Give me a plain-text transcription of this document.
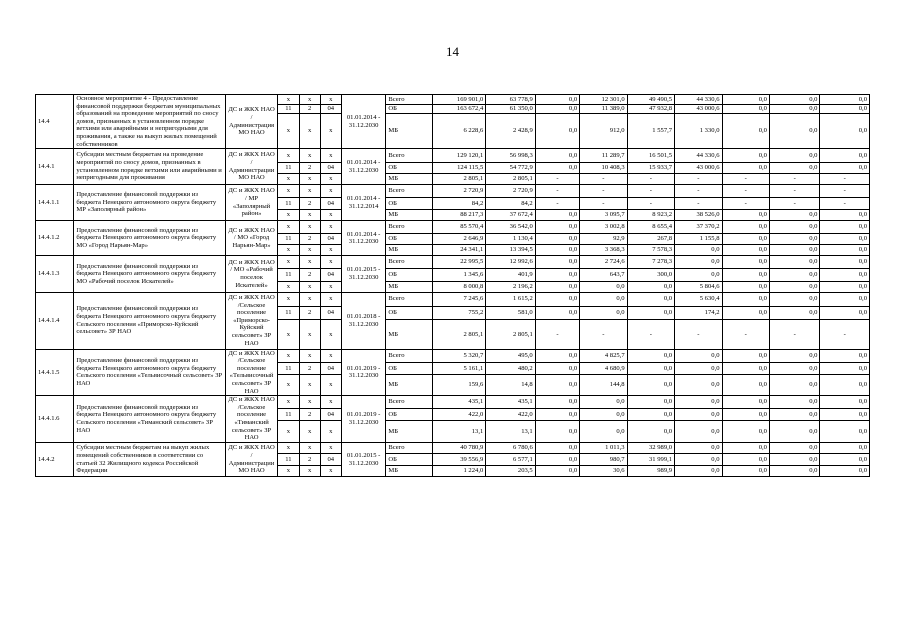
14
14.4	Основное мероприятие 4 - Предоставление финансовой поддержки бюджетам муниципальных образований на проведение мероприятий по сносу домов, признанных в установленном порядке ветхими или аварийными и непригодными для проживания, а также на выкуп жилых помещений собственников	ДС и ЖКХ НАО / Администрация МО НАО	x	x	x	01.01.2014 - 31.12.2030	Всего	169 901,0	63 778,9	0,0	12 301,0	49 490,5	44 330,6	0,0	0,0	0,0
			11	2	04		ОБ	163 672,4	61 350,0	0,0	11 389,0	47 932,8	43 000,6	0,0	0,0	0,0
			x	x	x		МБ	6 228,6	2 428,9	0,0	912,0	1 557,7	1 330,0	0,0	0,0	0,0
14.4.1	Субсидии местным бюджетам на проведение мероприятий по сносу домов, признанных в установленном порядке ветхими или аварийными и непригодными для проживания	ДС и ЖКХ НАО / Администрации МО НАО	x	x	x	01.01.2014 - 31.12.2030	Всего	129 120,1	56 998,3	0,0	11 289,7	16 501,5	44 330,6	0,0	0,0	0,0
			11	2	04		ОБ	124 115,5	54 772,9	0,0	10 408,3	15 933,7	43 000,6	0,0	0,0	0,0
			x	x	x		МБ	2 805,1	2 805,1	-	-	-	-	-	-	-
14.4.1.1	Предоставление финансовой поддержки из бюджета Ненецкого автономного округа бюджету МР «Заполярный район»	ДС и ЖКХ НАО / МР «Заполярный район»	x	x	x	01.01.2014 - 31.12.2014	Всего	2 720,9	2 720,9	-	-	-	-	-	-	-
			11	2	04		ОБ	84,2	84,2	-	-	-	-	-	-	-
			x	x	x		МБ	88 217,3	37 672,4	0,0	3 095,7	8 923,2	38 526,0	0,0	0,0	0,0
14.4.1.2	Предоставление финансовой поддержки из бюджета Ненецкого автономного округа бюджету МО «Город Нарьян-Мар»	ДС и ЖКХ НАО / МО «Город Нарьян-Мар»	x	x	x	01.01.2014 - 31.12.2030	Всего	85 570,4	36 542,0	0,0	3 002,8	8 655,4	37 370,2	0,0	0,0	0,0
			11	2	04		ОБ	2 646,9	1 130,4	0,0	92,9	267,8	1 155,8	0,0	0,0	0,0
			x	x	x		МБ	24 341,1	13 394,5	0,0	3 368,3	7 578,3	0,0	0,0	0,0	0,0
14.4.1.3	Предоставление финансовой поддержки из бюджета Ненецкого автономного округа бюджету МО «Рабочий поселок Искателей»	ДС и ЖКХ НАО / МО «Рабочий поселок Искателей»	x	x	x	01.01.2015 - 31.12.2030	Всего	22 995,5	12 992,6	0,0	2 724,6	7 278,3	0,0	0,0	0,0	0,0
			11	2	04		ОБ	1 345,6	401,9	0,0	643,7	300,0	0,0	0,0	0,0	0,0
			x	x	x		МБ	8 000,8	2 196,2	0,0	0,0	0,0	5 804,6	0,0	0,0	0,0
14.4.1.4	Предоставление финансовой поддержки из бюджета Ненецкого автономного округа бюджету Сельского поселения «Приморско-Куйский сельсовет» ЗР НАО	ДС и ЖКХ НАО /Сельское поселение «Приморско-Куйский сельсовет» ЗР НАО	x	x	x	01.01.2018 - 31.12.2030	Всего	7 245,6	1 615,2	0,0	0,0	0,0	5 630,4	0,0	0,0	0,0
			11	2	04		ОБ	755,2	581,0	0,0	0,0	0,0	174,2	0,0	0,0	0,0
			x	x	x		МБ	2 805,1	2 805,1	-	-	-	-	-	-	-
14.4.1.5	Предоставление финансовой поддержки из бюджета Ненецкого автономного округа бюджету Сельского поселения «Тельвисочный сельсовет» ЗР НАО	ДС и ЖКХ НАО /Сельское поселение «Тельвисочный сельсовет» ЗР НАО	x	x	x	01.01.2019 - 31.12.2030	Всего	5 320,7	495,0	0,0	4 825,7	0,0	0,0	0,0	0,0	0,0
			11	2	04		ОБ	5 161,1	480,2	0,0	4 680,9	0,0	0,0	0,0	0,0	0,0
			x	x	x		МБ	159,6	14,8	0,0	144,8	0,0	0,0	0,0	0,0	0,0
14.4.1.6	Предоставление финансовой поддержки из бюджета Ненецкого автономного округа бюджету Сельского поселения «Тиманский сельсовет» ЗР НАО	ДС и ЖКХ НАО /Сельское поселение «Тиманский сельсовет» ЗР НАО	x	x	x	01.01.2019 - 31.12.2030	Всего	435,1	435,1	0,0	0,0	0,0	0,0	0,0	0,0	0,0
			11	2	04		ОБ	422,0	422,0	0,0	0,0	0,0	0,0	0,0	0,0	0,0
			x	x	x		МБ	13,1	13,1	0,0	0,0	0,0	0,0	0,0	0,0	0,0
14.4.2	Субсидии местным бюджетам на выкуп жилых помещений собственников в соответствии со статьей 32 Жилищного кодекса Российской Федерации	ДС и ЖКХ НАО / Администрации МО НАО	x	x	x	01.01.2015 - 31.12.2030	Всего	40 780,9	6 780,6	0,0	1 011,3	32 989,0	0,0	0,0	0,0	0,0
			11	2	04		ОБ	39 556,9	6 577,1	0,0	980,7	31 999,1	0,0	0,0	0,0	0,0
			x	x	x		МБ	1 224,0	203,5	0,0	30,6	989,9	0,0	0,0	0,0	0,0
